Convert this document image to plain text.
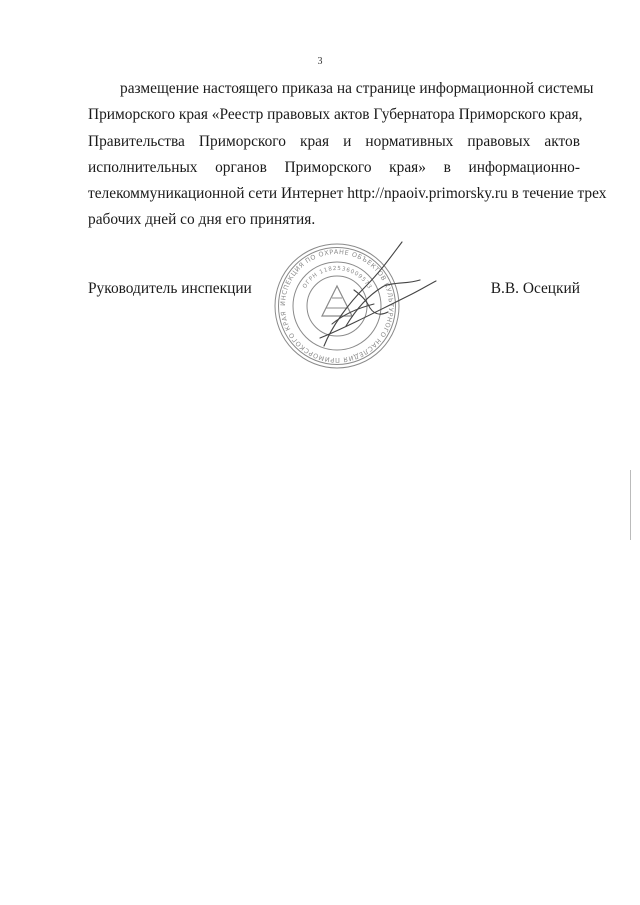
3
размещение настоящего приказа на странице информационной системы
Приморского края «Реестр правовых актов Губернатора Приморского края,
Правительства Приморского края и нормативных правовых актов
исполнительных органов Приморского края» в информационно-
телекоммуникационной сети Интернет http://npaoiv.primorsky.ru в течение трех
рабочих дней со дня его принятия.
Руководитель инспекции	В.В. Осецкий
ИНСПЕКЦИЯ ПО ОХРАНЕ ОБЪЕКТОВ КУЛЬТУРНОГО НАСЛЕДИЯ ПРИМОРСКОГО КРАЯ
ОГРН 1182536009573
